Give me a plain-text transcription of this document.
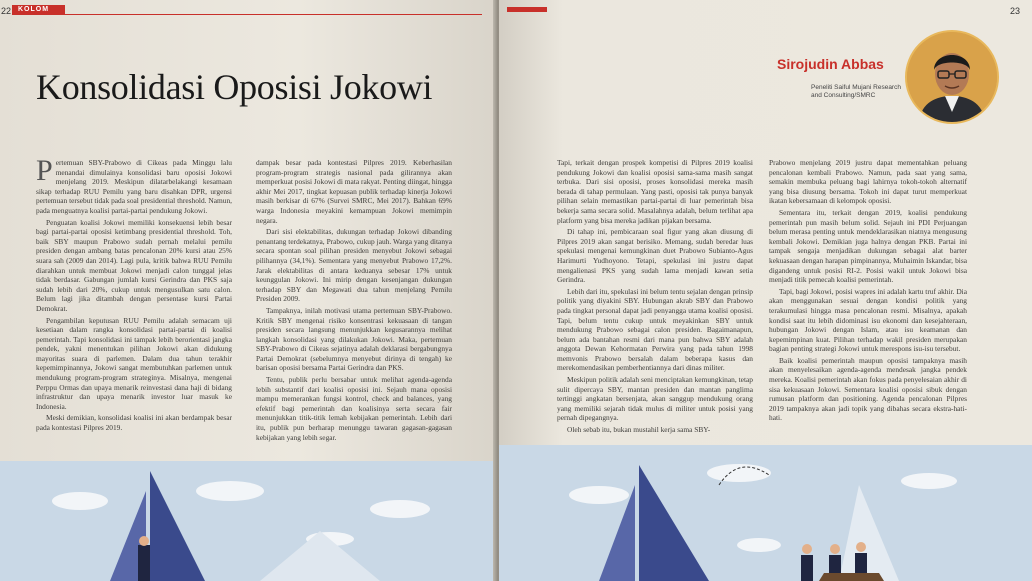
22 KOLOM
Konsolidasi Oposisi Jokowi

Pertemuan SBY-Prabowo di Cikeas pada Minggu lalu menandai dimulainya konsolidasi baru oposisi Jokowi menjelang 2019. Meskipun dilatarbelakangi kesamaan sikap terhadap RUU Pemilu yang baru disahkan DPR, urgensi pertemuan tersebut tidak pada soal presidential threshold. Namun, pada menguatnya koalisi partai-partai pendukung Jokowi.

Penguatan koalisi Jokowi memiliki konsekuensi lebih besar bagi partai-partai oposisi ketimbang presidential threshold. Toh, baik SBY maupun Prabowo sudah pernah melalui pemilu presiden dengan ambang batas pencalonan 20% kursi atau 25% suara sah (2009 dan 2014). Lagi pula, kritik bahwa RUU Pemilu diarahkan untuk membuat Jokowi menjadi calon tunggal jelas tidak berdasar. Gabungan jumlah kursi Gerindra dan PKS saja sudah lebih dari 20%, cukup untuk mengusulkan satu calon. Belum lagi jika ditambah dengan persentase kursi Partai Demokrat.

Pengambilan keputusan RUU Pemilu adalah semacam uji kesetiaan dalam rangka konsolidasi partai-partai di koalisi pemerintah. Tapi konsolidasi ini tampak lebih berorientasi jangka pendek, yakni menentukan pilihan Jokowi akan didukung mayoritas suara di parlemen. Dalam dua tahun terakhir kepemimpinannya, Jokowi sangat membutuhkan parlemen untuk mendukung program-program strateginya. Misalnya, mengenai Perppu Ormas dan upaya menarik reinvestasi dana haji di bidang infrastruktur dan upaya menarik investor luar masuk ke Indonesia.

Meski demikian, konsolidasi koalisi ini akan berdampak besar pada kontestasi Pilpres 2019.

dampak besar pada kontestasi Pilpres 2019. Keberhasilan program-program strategis nasional pada gilirannya akan memperkuat posisi Jokowi di mata rakyat. Penting diingat, hingga akhir Mei 2017, tingkat kepuasan publik terhadap kinerja Jokowi masih berkisar di 67% (Survei SMRC, Mei 2017). Bahkan 69% warga Indonesia meyakini kemampuan Jokowi memimpin negara.

Dari sisi elektabilitas, dukungan terhadap Jokowi dibanding penantang terdekatnya, Prabowo, cukup jauh. Warga yang ditanya secara spontan soal pilihan presiden menyebut Jokowi sebagai pilihannya (34,1%). Sementara yang menyebut Prabowo 17,2%. Jarak elektabilitas di antara keduanya sebesar 17% untuk keunggulan Jokowi. Ini mirip dengan kesenjangan dukungan terhadap SBY dan Megawati dua tahun menjelang Pemilu Presiden 2009.

Tampaknya, inilah motivasi utama pertemuan SBY-Prabowo. Kritik SBY mengenai risiko konsentrasi kekuasaan di tangan presiden secara langsung menunjukkan kegusarannya melihat langkah konsolidasi yang dilakukan Jokowi. Maka, pertemuan SBY-Prabowo di Cikeas sejatinya adalah deklarasi bergabungnya Partai Demokrat (sebelumnya menyebut dirinya di tengah) ke barisan oposisi bersama Partai Gerindra dan PKS.

Tentu, publik perlu bersabar untuk melihat agenda-agenda lebih substantif dari koalisi oposisi ini. Sejauh mana oposisi mampu memerankan fungsi kontrol, check and balances, yang efektif bagi pemerintah dan koalisinya serta secara fair menunjukkan titik-titik lemah kebijakan pemerintah. Lebih dari itu, publik pun berharap menunggu tawaran gagasan-gagasan kebijakan yang lebih segar.

23
Sirojudin Abbas
Peneliti Saiful Mujani Research and Consulting/SMRC

Tapi, terkait dengan prospek kompetisi di Pilpres 2019 koalisi pendukung Jokowi dan koalisi oposisi sama-sama masih sangat terbuka. Dari sisi oposisi, proses konsolidasi mereka masih berada di tahap permulaan. Yang pasti, oposisi tak punya banyak pilihan selain memastikan partai-partai di luar pemerintah bisa bekerja sama secara solid. Masalahnya adalah, belum terlihat apa platform yang bisa mereka jadikan pijakan bersama.

Di tahap ini, pembicaraan soal figur yang akan diusung di Pilpres 2019 akan sangat berisiko. Memang, sudah beredar luas spekulasi mengenai kemungkinan duet Prabowo Subianto-Agus Harimurti Yudhoyono. Tetapi, spekulasi ini justru dapat mengalienasi PKS yang sudah lama menjadi kawan setia Gerindra.

Lebih dari itu, spekulasi ini belum tentu sejalan dengan prinsip politik yang diyakini SBY. Hubungan akrab SBY dan Prabowo pada tingkat personal dapat jadi penyangga utama koalisi oposisi. Tapi, belum tentu cukup untuk meyakinkan SBY untuk mendukung Prabowo sebagai calon presiden. Bagaimanapun, belum ada bantahan resmi dari mana pun bahwa SBY adalah anggota Dewan Kehormatan Perwira yang pada tahun 1998 memvonis Prabowo bersalah dalam beberapa kasus dan merekomendasikan pemberhentiannya dari dinas militer.

Meskipun politik adalah seni menciptakan kemungkinan, tetap sulit dipercaya SBY, mantan presiden dan mantan panglima tertinggi angkatan bersenjata, akan sanggup mendukung orang yang memiliki sejarah tidak mulus di militer untuk posisi yang pernah dipegangnya.

Oleh sebab itu, bukan mustahil kerja sama SBY-

Prabowo menjelang 2019 justru dapat mementahkan peluang pencalonan kembali Prabowo. Namun, pada saat yang sama, semakin membuka peluang bagi lahirnya tokoh-tokoh alternatif yang bisa diusung bersama. Tokoh ini dapat turut memperkuat ikatan kebersamaan di kelompok oposisi.

Sementara itu, terkait dengan 2019, koalisi pendukung pemerintah pun masih belum solid. Sejauh ini PDI Perjuangan belum merasa penting untuk mendeklarasikan niatnya mengusung kembali Jokowi. Demikian juga halnya dengan PKB. Partai ini tampak sengaja menjadikan dukungan sebagai alat barter kekuasaan dengan harapan pimpinannya, Muhaimin Iskandar, bisa digandeng untuk posisi RI-2. Posisi wakil untuk Jokowi bisa menjadi titik pemecah koalisi pemerintah.

Tapi, bagi Jokowi, posisi wapres ini adalah kartu truf akhir. Dia akan menggunakan sesuai dengan kondisi politik yang terakumulasi hingga masa pencalonan resmi. Misalnya, apakah kondisi saat itu lebih didominasi isu ekonomi dan kesejahteraan, hubungan Jokowi dengan Islam, atau isu keamanan dan kepemimpinan kuat. Pilihan terhadap wakil presiden merupakan bagian penting strategi Jokowi untuk merespons isu-isu tersebut.

Baik koalisi pemerintah maupun oposisi tampaknya masih akan menyelesaikan agenda-agenda mendesak jangka pendek mereka. Koalisi pemerintah akan fokus pada penyelesaian akhir di sisa kekuasaan Jokowi. Sementara koalisi oposisi sibuk dengan rumusan platform dan positioning. Agenda pencalonan Pilpres 2019 tampaknya akan jadi topik yang dibahas secara ekstra-hati-hati.
